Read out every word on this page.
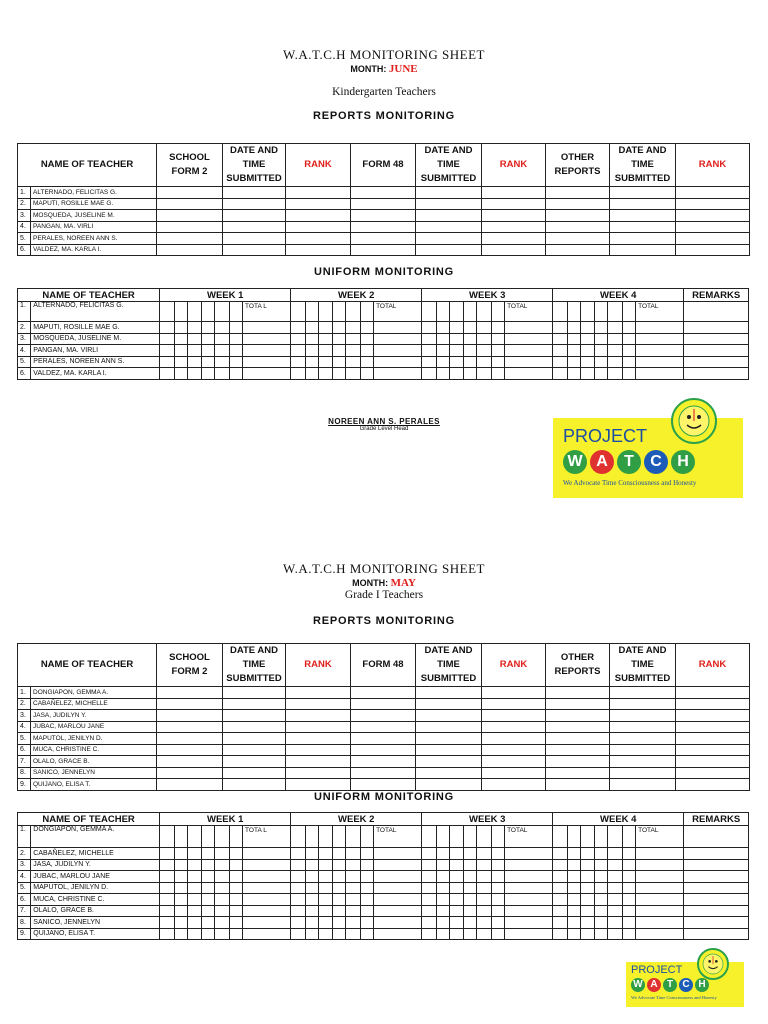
W.A.T.C.H MONITORING SHEET
MONTH: JUNE
Kindergarten Teachers
REPORTS MONITORING
NAME OF TEACHER		SCHOOL FORM 2	DATE AND TIME SUBMITTED	RANK	FORM 48	DATE AND TIME SUBMITTED	RANK	OTHER REPORTS	DATE AND TIME SUBMITTED	RANK
1.	ALTERNADO, FELICITAS G.									
2.	MAPUTI, ROSILLE MAE G.									
3.	MOSQUEDA, JUSELINE M.									
4.	PANGAN, MA. VIRLI									
5.	PERALES, NOREEN ANN S.									
6.	VALDEZ, MA. KARLA I.									
UNIFORM MONITORING
NAME OF TEACHER		WEEK 1							WEEK 2							WEEK 3							WEEK 4							REMARKS
1.	ALTERNADO, FELICITAS G.							TOTA L							TOTAL							TOTAL							TOTAL	
2.	MAPUTI, ROSILLE MAE G.																													
3.	MOSQUEDA, JUSELINE M.																													
4.	PANGAN, MA. VIRLI																													
5.	PERALES, NOREEN ANN S.																													
6.	VALDEZ, MA. KARLA I.																													
NOREEN ANN S. PERALES
Grade Level Head	PROJECT
W A	T	C H
We Advocate Time Consciousness and Honesty
W.A.T.C.H MONITORING SHEET
MONTH: MAY
Grade I Teachers
REPORTS MONITORING
NAME OF TEACHER		SCHOOL FORM 2	DATE AND TIME SUBMITTED	RANK	FORM 48	DATE AND TIME SUBMITTED	RANK	OTHER REPORTS	DATE AND TIME SUBMITTED	RANK
1.	DONGIAPON, GEMMA A.									
2.	CABAÑELEZ, MICHELLE									
3.	JASA, JUDILYN Y.									
4.	JUBAC, MARLOU JANE									
5.	MAPUTOL, JENILYN D.									
6.	MUCA, CHRISTINE C.									
7.	OLALO, GRACE B.									
8.	SANICO, JENNELYN									
9.	QUIJANO, ELISA T.									
UNIFORM MONITORING
NAME OF TEACHER		WEEK 1							WEEK 2							WEEK 3							WEEK 4							REMARKS
1.	DONGIAPON, GEMMA A.							TOTA L							TOTAL							TOTAL							TOTAL	
2.	CABAÑELEZ, MICHELLE																													
3.	JASA, JUDILYN Y.																													
4.	JUBAC, MARLOU JANE																													
5.	MAPUTOL, JENILYN D.																													
6.	MUCA, CHRISTINE C.																													
7.	OLALO, GRACE B.																													
8.	SANICO, JENNELYN																													
9.	QUIJANO, ELISA T.																													
PROJECT
W A T C H
We Advocate Time Consciousness and Honesty
